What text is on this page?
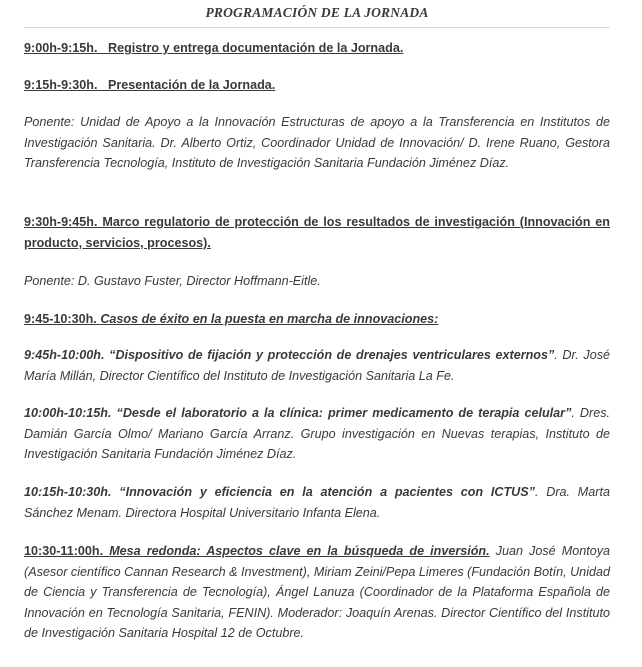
PROGRAMACIÓN DE LA JORNADA
9:00h-9:15h. Registro y entrega documentación de la Jornada.
9:15h-9:30h. Presentación de la Jornada.
Ponente: Unidad de Apoyo a la Innovación Estructuras de apoyo a la Transferencia en Institutos de Investigación Sanitaria. Dr. Alberto Ortiz, Coordinador Unidad de Innovación/ D. Irene Ruano, Gestora Transferencia Tecnología, Instituto de Investigación Sanitaria Fundación Jiménez Díaz.
9:30h-9:45h. Marco regulatorio de protección de los resultados de investigación (Innovación en producto, servicios, procesos).
Ponente: D. Gustavo Fuster, Director Hoffmann-Eitle.
9:45-10:30h. Casos de éxito en la puesta en marcha de innovaciones:
9:45h-10:00h. “Dispositivo de fijación y protección de drenajes ventriculares externos”. Dr. José María Millán, Director Científico del Instituto de Investigación Sanitaria La Fe.
10:00h-10:15h. “Desde el laboratorio a la clínica: primer medicamento de terapia celular”. Dres. Damián García Olmo/ Mariano García Arranz. Grupo investigación en Nuevas terapias, Instituto de Investigación Sanitaria Fundación Jiménez Díaz.
10:15h-10:30h. “Innovación y eficiencia en la atención a pacientes con ICTUS”. Dra. Marta Sánchez Menam. Directora Hospital Universitario Infanta Elena.
10:30-11:00h. Mesa redonda: Aspectos clave en la búsqueda de inversión. Juan José Montoya (Asesor científico Cannan Research & Investment), Miriam Zeini/Pepa Limeres (Fundación Botín, Unidad de Ciencia y Transferencia de Tecnología), Ángel Lanuza (Coordinador de la Plataforma Española de Innovación en Tecnología Sanitaria, FENIN). Moderador: Joaquín Arenas. Director Científico del Instituto de Investigación Sanitaria Hospital 12 de Octubre.
